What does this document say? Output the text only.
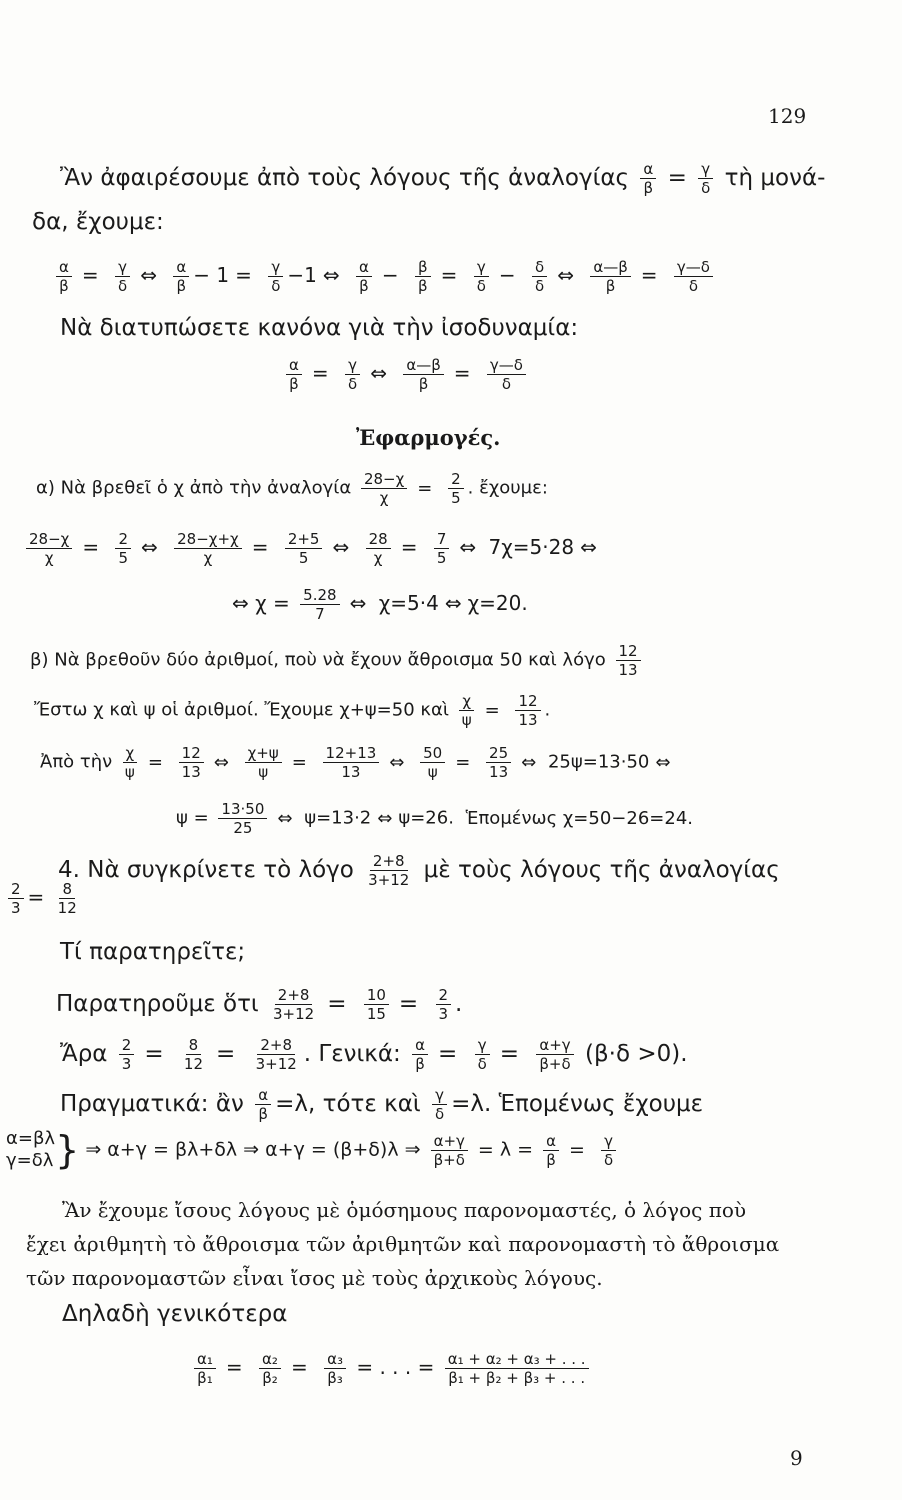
129
Ἂν ἀφαιρέσουμε ἀπὸ τοὺς λόγους τῆς ἀναλογίας $\frac{\alpha}{\beta} = \frac{\gamma}{\delta}$ τὴ μονά-
δα, ἔχουμε:
$\frac{\alpha}{\beta} = \frac{\gamma}{\delta}$ ⇔ $\frac{\alpha}{\beta} - 1 = \frac{\gamma}{\delta} -1$ ⇔ $\frac{\alpha}{\beta} - \frac{\beta}{\beta} = \frac{\gamma}{\delta} - \frac{\delta}{\delta}$ ⇔ $\frac{\alpha—\beta}{\beta} = \frac{\gamma—\delta}{\delta}$
Νὰ διατυπώσετε κανόνα γιὰ τὴν ἰσοδυναμία:
$\frac{\alpha}{\beta} = \frac{\gamma}{\delta}$ ⇔ $\frac{\alpha—\beta}{\beta} = \frac{\gamma—\delta}{\delta}$
Ἐφαρμογές.
α) Νὰ βρεθεῖ ὁ χ ἀπὸ τὴν ἀναλογία $\frac{28-\chi}{\chi} = \frac{2}{5}$ . ἔχουμε:
$\frac{28-\chi}{\chi} = \frac{2}{5}$ ⇔ $\frac{28-\chi+\chi}{\chi} = \frac{2+5}{5}$ ⇔ $\frac{28}{\chi} = \frac{7}{5}$ ⇔ 7χ=5·28 ⇔
⇔ $\chi = \frac{5.28}{7}$ ⇔ χ=5·4 ⇔ χ=20.
β) Νὰ βρεθοῦν δύο ἀριθμοί, ποὺ νὰ ἔχουν ἄθροισμα 50 καὶ λόγο $\frac{12}{13}$
Ἔστω χ καὶ ψ οἱ ἀριθμοί. Ἔχουμε χ+ψ=50 καὶ $\frac{\chi}{\psi} = \frac{12}{13}$ .
Ἀπὸ τὴν $\frac{\chi}{\psi} = \frac{12}{13}$ ⇔ $\frac{\chi+\psi}{\psi} = \frac{12+13}{13}$ ⇔ $\frac{50}{\psi} = \frac{25}{13}$ ⇔ 25ψ=13·50 ⇔
$\psi = \frac{13\cdot 50}{25}$ ⇔ ψ=13·2 ⇔ ψ=26. Ἑπομένως χ=50−26=24.
4. Νὰ συγκρίνετε τὸ λόγο $\frac{2+8}{3+12}$ μὲ τοὺς λόγους τῆς ἀναλογίας
$\frac{2}{3} = \frac{8}{12}$
Τί παρατηρεῖτε;
Παρατηροῦμε ὅτι $\frac{2+8}{3+12} = \frac{10}{15} = \frac{2}{3}$ .
Ἄρα $\frac{2}{3} = \frac{8}{12} = \frac{2+8}{3+12}$ . Γενικά: $\frac{\alpha}{\beta} = \frac{\gamma}{\delta} = \frac{\alpha+\gamma}{\beta+\delta} (\beta\cdot\delta >0)$.
Πραγματικά: ἂν $\frac{\alpha}{\beta} =\lambda$, τότε καὶ $\frac{\gamma}{\delta} =\lambda$. Ἑπομένως ἔχουμε
α=βλ
γ=δλ } ⇒ α+γ = βλ+δλ ⇒ α+γ = (β+δ)λ ⇒ $\frac{\alpha+\gamma}{\beta+\delta} = \lambda = \frac{\alpha}{\beta} = \frac{\gamma}{\delta}$
Ἂν ἔχουμε ἴσους λόγους μὲ ὁμόσημους παρονομαστές, ὁ λόγος ποὺ
ἔχει ἀριθμητὴ τὸ ἄθροισμα τῶν ἀριθμητῶν καὶ παρονομαστὴ τὸ ἄθροισμα
τῶν παρονομαστῶν εἶναι ἴσος μὲ τοὺς ἀρχικοὺς λόγους.
Δηλαδὴ γενικότερα
$\frac{\text{α₁}}{\text{β₁}} = \frac{\text{α₂}}{\text{β₂}} = \frac{\text{α₃}}{\text{β₃}}$ = . . . = $\frac{\text{α₁ + α₂ + α₃ + . . .}}{\text{β₁ + β₂ + β₃ + . . .}}$
9
